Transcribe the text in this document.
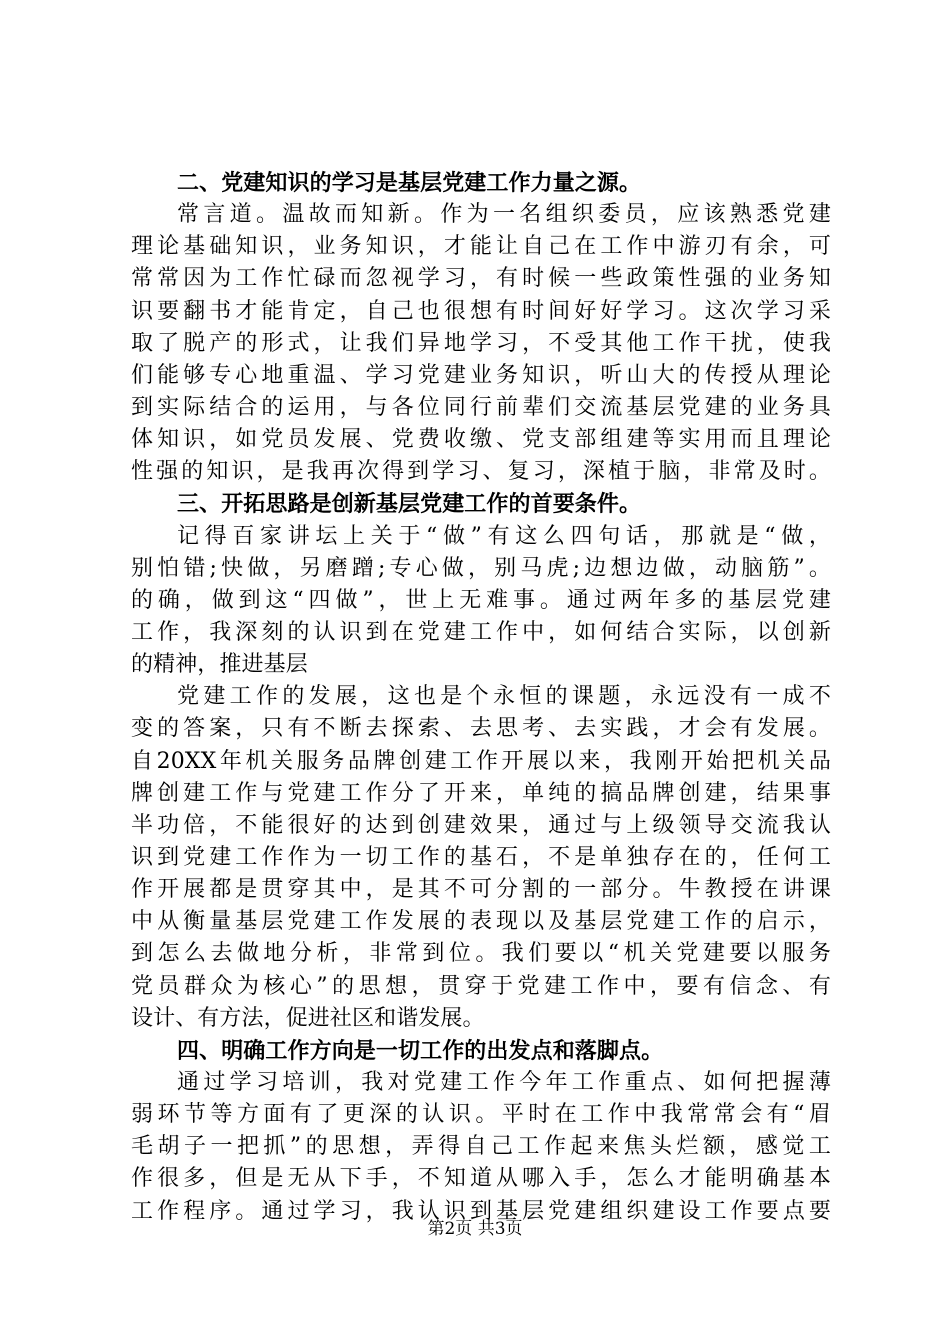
二、党建知识的学习是基层党建工作力量之源。
常言道。温故而知新。作为一名组织委员，应该熟悉党建
理论基础知识，业务知识，才能让自己在工作中游刃有余，可
常常因为工作忙碌而忽视学习，有时候一些政策性强的业务知
识要翻书才能肯定，自己也很想有时间好好学习。这次学习采
取了脱产的形式，让我们异地学习，不受其他工作干扰，使我
们能够专心地重温、学习党建业务知识，听山大的传授从理论
到实际结合的运用，与各位同行前辈们交流基层党建的业务具
体知识，如党员发展、党费收缴、党支部组建等实用而且理论
性强的知识，是我再次得到学习、复习，深植于脑，非常及时。
三、开拓思路是创新基层党建工作的首要条件。
记得百家讲坛上关于“做”有这么四句话，那就是“做，
别怕错;快做，另磨蹭;专心做，别马虎;边想边做，动脑筋”。
的确，做到这“四做”，世上无难事。通过两年多的基层党建
工作，我深刻的认识到在党建工作中，如何结合实际，以创新
的精神，推进基层
党建工作的发展，这也是个永恒的课题，永远没有一成不
变的答案，只有不断去探索、去思考、去实践，才会有发展。
自20XX年机关服务品牌创建工作开展以来，我刚开始把机关品
牌创建工作与党建工作分了开来，单纯的搞品牌创建，结果事
半功倍，不能很好的达到创建效果，通过与上级领导交流我认
识到党建工作作为一切工作的基石，不是单独存在的，任何工
作开展都是贯穿其中，是其不可分割的一部分。牛教授在讲课
中从衡量基层党建工作发展的表现以及基层党建工作的启示，
到怎么去做地分析，非常到位。我们要以“机关党建要以服务
党员群众为核心”的思想，贯穿于党建工作中，要有信念、有
设计、有方法，促进社区和谐发展。
四、明确工作方向是一切工作的出发点和落脚点。
通过学习培训，我对党建工作今年工作重点、如何把握薄
弱环节等方面有了更深的认识。平时在工作中我常常会有“眉
毛胡子一把抓”的思想，弄得自己工作起来焦头烂额，感觉工
作很多，但是无从下手，不知道从哪入手，怎么才能明确基本
工作程序。通过学习，我认识到基层党建组织建设工作要点要
第2页 共3页
